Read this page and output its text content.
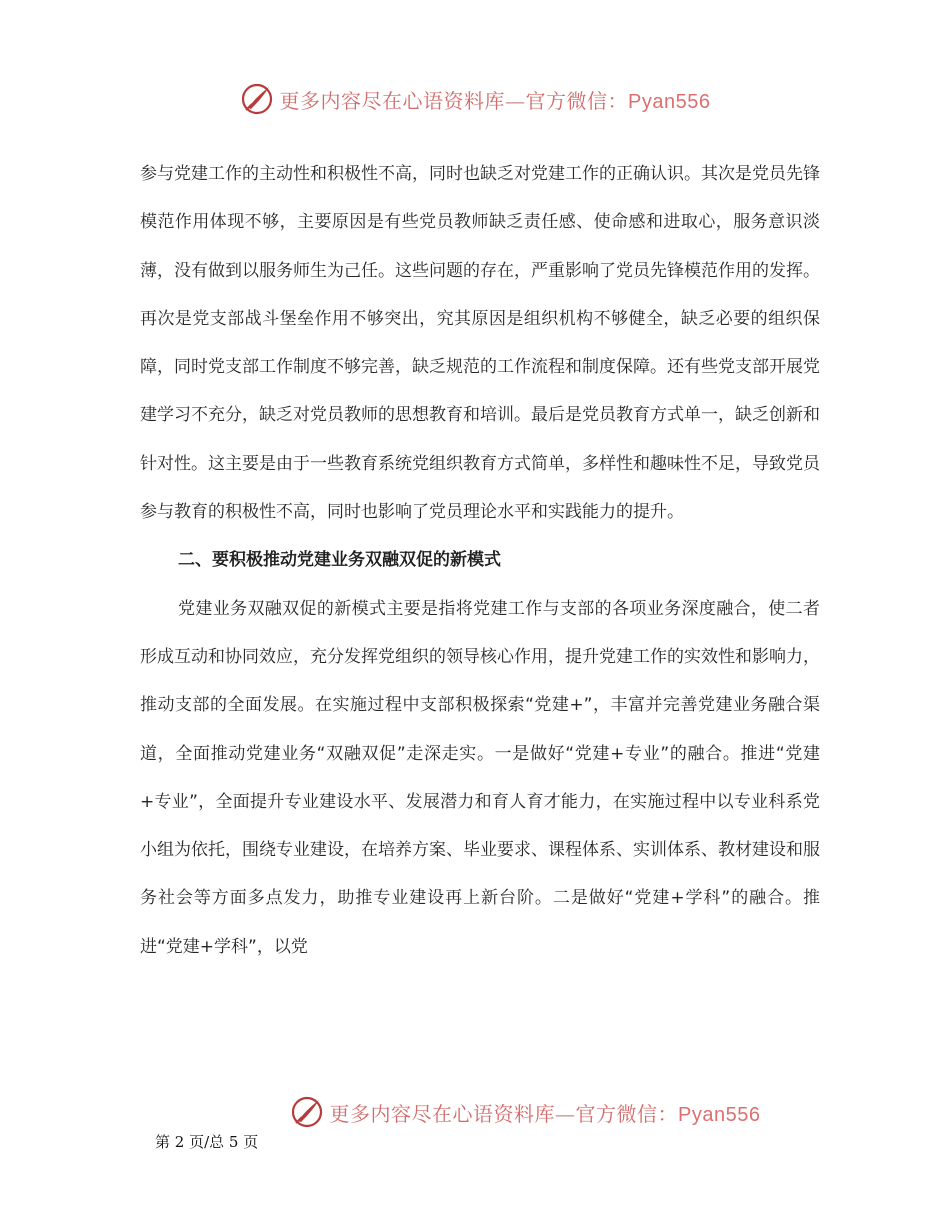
更多内容尽在心语资料库—官方微信：Pyan556

参与党建工作的主动性和积极性不高，同时也缺乏对党建工作的正确认识。其次是党员先锋模范作用体现不够，主要原因是有些党员教师缺乏责任感、使命感和进取心，服务意识淡薄，没有做到以服务师生为己任。这些问题的存在，严重影响了党员先锋模范作用的发挥。再次是党支部战斗堡垒作用不够突出，究其原因是组织机构不够健全，缺乏必要的组织保障，同时党支部工作制度不够完善，缺乏规范的工作流程和制度保障。还有些党支部开展党建学习不充分，缺乏对党员教师的思想教育和培训。最后是党员教育方式单一，缺乏创新和针对性。这主要是由于一些教育系统党组织教育方式简单，多样性和趣味性不足，导致党员参与教育的积极性不高，同时也影响了党员理论水平和实践能力的提升。

二、要积极推动党建业务双融双促的新模式

党建业务双融双促的新模式主要是指将党建工作与支部的各项业务深度融合，使二者形成互动和协同效应，充分发挥党组织的领导核心作用，提升党建工作的实效性和影响力，推动支部的全面发展。在实施过程中支部积极探索“党建+”，丰富并完善党建业务融合渠道，全面推动党建业务“双融双促”走深走实。一是做好“党建+专业”的融合。推进“党建+专业”，全面提升专业建设水平、发展潜力和育人育才能力，在实施过程中以专业科系党小组为依托，围绕专业建设，在培养方案、毕业要求、课程体系、实训体系、教材建设和服务社会等方面多点发力，助推专业建设再上新台阶。二是做好“党建+学科”的融合。推进“党建+学科”，以党

更多内容尽在心语资料库—官方微信：Pyan556
第 2 页/总 5 页
